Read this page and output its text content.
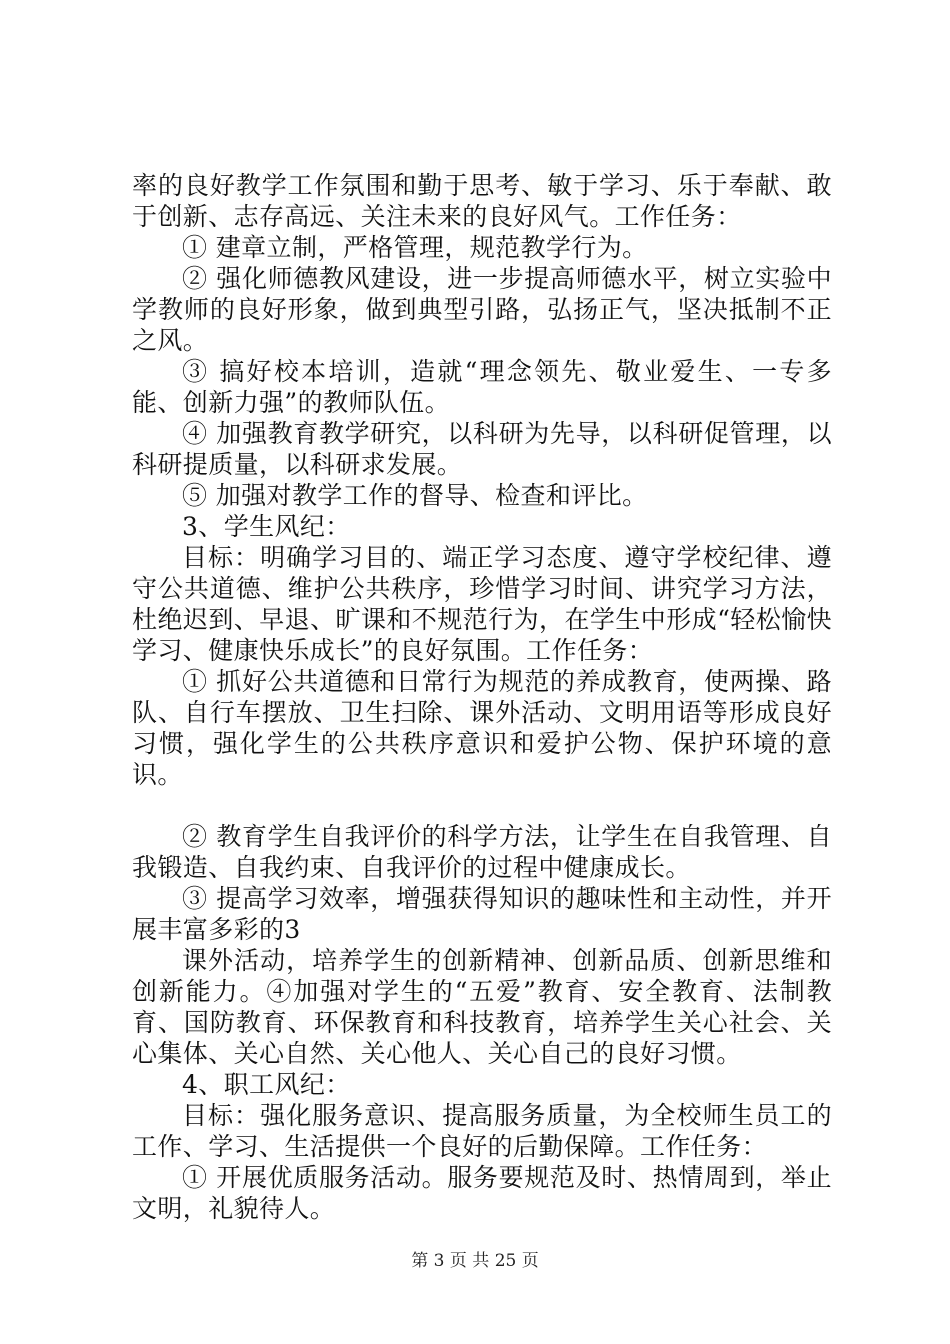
率的良好教学工作氛围和勤于思考、敏于学习、乐于奉献、敢于创新、志存高远、关注未来的良好风气。工作任务：

① 建章立制，严格管理，规范教学行为。

② 强化师德教风建设，进一步提高师德水平，树立实验中学教师的良好形象，做到典型引路，弘扬正气，坚决抵制不正之风。

③ 搞好校本培训，造就“理念领先、敬业爱生、一专多能、创新力强”的教师队伍。

④ 加强教育教学研究，以科研为先导，以科研促管理，以科研提质量，以科研求发展。

⑤ 加强对教学工作的督导、检查和评比。

3、学生风纪：

目标：明确学习目的、端正学习态度、遵守学校纪律、遵守公共道德、维护公共秩序，珍惜学习时间、讲究学习方法，杜绝迟到、早退、旷课和不规范行为，在学生中形成“轻松愉快学习、健康快乐成长”的良好氛围。工作任务：

① 抓好公共道德和日常行为规范的养成教育，使两操、路队、自行车摆放、卫生扫除、课外活动、文明用语等形成良好习惯，强化学生的公共秩序意识和爱护公物、保护环境的意识。

② 教育学生自我评价的科学方法，让学生在自我管理、自我锻造、自我约束、自我评价的过程中健康成长。

③ 提高学习效率，增强获得知识的趣味性和主动性，并开展丰富多彩的3

课外活动，培养学生的创新精神、创新品质、创新思维和创新能力。④加强对学生的“五爱”教育、安全教育、法制教育、国防教育、环保教育和科技教育，培养学生关心社会、关心集体、关心自然、关心他人、关心自己的良好习惯。

4、职工风纪：

目标：强化服务意识、提高服务质量，为全校师生员工的工作、学习、生活提供一个良好的后勤保障。工作任务：

① 开展优质服务活动。服务要规范及时、热情周到，举止文明，礼貌待人。

第 3 页 共 25 页
